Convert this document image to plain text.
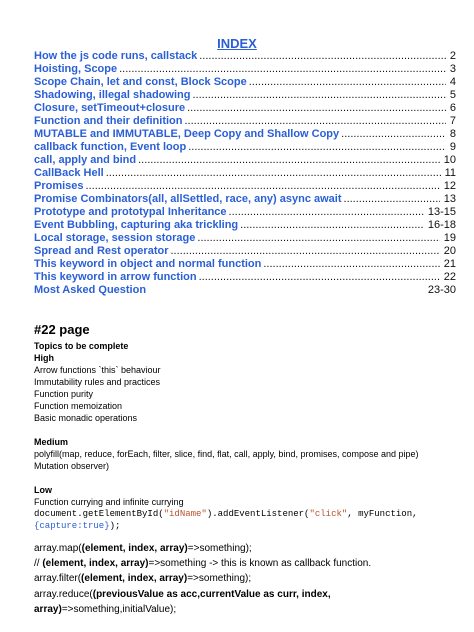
INDEX
How the js code runs, callstack .....	2
Hoisting, Scope .....	3
Scope Chain, let and const, Block Scope .....	4
Shadowing, illegal shadowing .....	5
Closure, setTimeout+closure .....	6
Function and their definition .....	7
MUTABLE and IMMUTABLE, Deep Copy and Shallow Copy .....	8
callback function, Event loop .....	9
call, apply and bind .....	10
CallBack Hell .....	11
Promises .....	12
Promise Combinators(all, allSettled, race, any) async await .....	13
Prototype and prototypal Inheritance .....	13-15
Event Bubbling, capturing aka trickling .....	16-18
Local storage, session storage .....	19
Spread and Rest operator .....	20
This keyword in object and normal function .....	21
This keyword in arrow function .....	22
Most Asked Question	23-30
#22 page
Topics to be complete
High
Arrow functions `this` behaviour
Immutability rules and practices
Function purity
Function memoization
Basic monadic operations
Medium
polyfill(map, reduce, forEach, filter, slice, find, flat, call, apply, bind, promises, compose and pipe)
Mutation observer)
Low
Function currying and infinite currying
document.getElementById("idName").addEventListener("click", myFunction,
{capture:true});
array.map((element, index, array)=>something);
// (element, index, array)=>something -> this is known as callback function.
array.filter((element, index, array)=>something);
array.reduce((previousValue as acc,currentValue as curr, index,
array)=>something,initialValue);
